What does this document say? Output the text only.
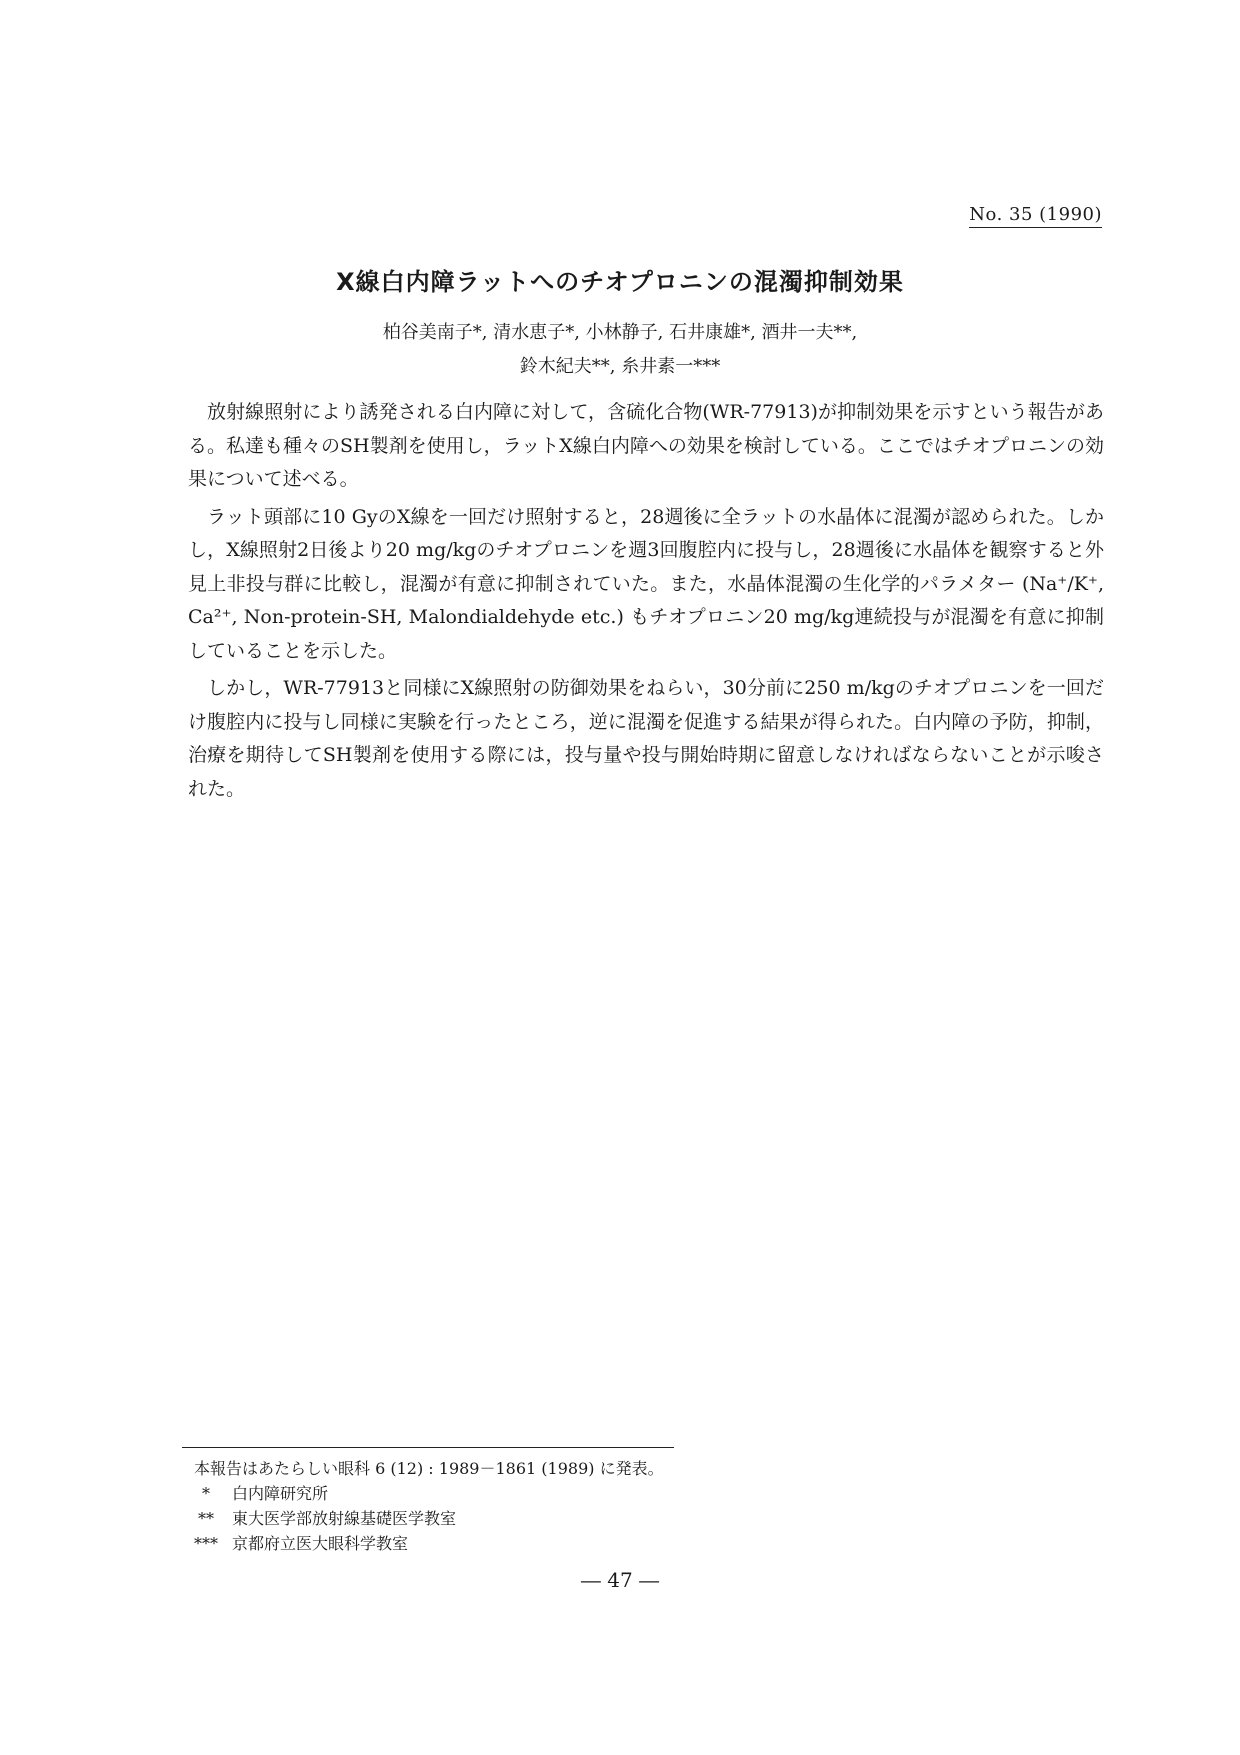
No. 35 (1990)
X線白内障ラットへのチオプロニンの混濁抑制効果
柏谷美南子*, 清水恵子*, 小林静子, 石井康雄*, 酒井一夫**,
鈴木紀夫**, 糸井素一***

放射線照射により誘発される白内障に対して，含硫化合物(WR-77913)が抑制効果を示すという報告がある。私達も種々のSH製剤を使用し，ラットX線白内障への効果を検討している。ここではチオプロニンの効果について述べる。

ラット頭部に10 GyのX線を一回だけ照射すると，28週後に全ラットの水晶体に混濁が認められた。しかし，X線照射2日後より20 mg/kgのチオプロニンを週3回腹腔内に投与し，28週後に水晶体を観察すると外見上非投与群に比較し，混濁が有意に抑制されていた。また，水晶体混濁の生化学的パラメター (Na⁺/K⁺, Ca²⁺, Non-protein-SH, Malondialdehyde etc.) もチオプロニン20 mg/kg連続投与が混濁を有意に抑制していることを示した。

しかし，WR-77913と同様にX線照射の防御効果をねらい，30分前に250 m/kgのチオプロニンを一回だけ腹腔内に投与し同様に実験を行ったところ，逆に混濁を促進する結果が得られた。白内障の予防，抑制，治療を期待してSH製剤を使用する際には，投与量や投与開始時期に留意しなければならないことが示唆された。

本報告はあたらしい眼科 6 (12) : 1989－1861 (1989) に発表。
*	白内障研究所
**	東大医学部放射線基礎医学教室
*** 京都府立医大眼科学教室
― 47 ―
